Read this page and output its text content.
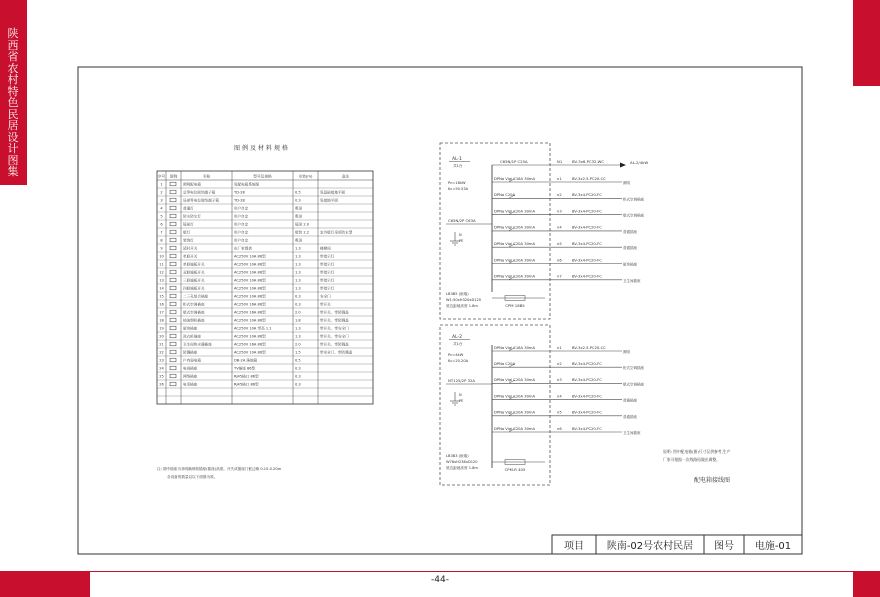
陕西省农村特色民居设计图集
-44-
图例及材料规格
序号 图例	名称	型号及规格	安装(m)	备注
1	照明配电箱	见配电箱系统图
2	总等电位联结端子箱	TD-28	0.5	见基础接地平面
3	局部等电位联结端子箱	TD-28	0.3	见接地平面
4	普通灯	用户自定	吸顶
5	防水防尘灯	用户自定	吸顶
6	镜前灯	用户自定	镜顶 2.0
7	壁灯	用户自定	壁装 2.2	室外壁灯采用防水型
8	装饰灯	用户自定	吸顶
9	延时开关	由厂家提供	1.3	楼梯间
10	单联开关	AC250V 10A 86型	1.3	带指示灯
11	单联翘板开关	AC250V 10A 86型	1.3	带指示灯
12	双联翘板开关	AC250V 10A 86型	1.3	带指示灯
13	三联翘板开关	AC250V 10A 86型	1.3	带指示灯
14	四联翘板开关	AC250V 10A 86型	1.3	带指示灯
15	二三孔组合插座	AC250V 10A 86型	0.3	安全门
16	柜式空调插座	AC250V 16A 86型	0.3	带开关
17	壁式空调插座	AC250V 16A 86型	2.0	带开关、带防溅盖
18	抽油烟机插座	AC250V 10A 86型	1.8	带开关、带防溅盖
19	厨房插座	AC250V 10A 带高 1.1	1.3	带开关、带安全门
20	洗衣机插座	AC250V 10A 86型	1.3	带开关、带安全门
21	卫生间热水器插座	AC250V 16A 86型	2.0	带开关、带防溅盖
22	防溅插座	AC250V 10A 86型	1.5	带安全门、带防溅盖
23	户内弱电箱	DB-2A 落地箱	0.5
24	电视插座	TV插座 86型	0.3
25	网络插座	RJ45插口 86型	0.3
26	电话插座	RJ45插口 86型	0.3
注: 图中插座为非明确规格插座(插座)高度。开关或插座门框边缘 0.15-0.20m
各设备的数量以以下面图为准。
AL-1
共1台
Pn=18kW
Kc=50.53A
C65N/1P C25A	N1	BV-3x6-PC32-WC	AL-2/4kW
DPNa Vigi C16A 30mA	n1	BV-3x2.5-PC20-CC
照明
DPNa C20A	n2	BV-3x4-PC20-FC
柜式空调插座
DPNa Vigi C20A 30mA	n3	BV-3x4-PC20-FC
壁式空调插座
DPNa Vigi C20A 30mA	n4	BV-3x4-PC20-FC
普通插座
DPNa Vigi C20A 30mA	n5	BV-3x4-PC20-FC
普通插座
DPNa Vigi C20A 30mA	n6	BV-3x4-PC20-FC
厨房插座
DPNa Vigi C20A 30mA	n7	BV-3x4-PC20-FC
卫生间插座
C65N/2P C63A
N
PE
LB3B5 (嵌墙)
W1:50xH320xD120
底边距地高度 1.8m	CPM 18B5
AL-2
共1台
Pn=4kW
Kc=20.20A
DPNa Vigi C16A 30mA	n1	BV-3x2.5-PC20-CC
照明
DPNa C20A	n2	BV-3x4-PC20-FC
柜式空调插座
DPNa Vigi C20A 30mA	n3	BV-3x4-PC20-FC
壁式空调插座
DPNa Vigi C20A 30mA	n4	BV-3x4-PC20-FC
普通插座
DPNa Vigi C20A 30mA	n5	BV-3x4-PC20-FC
普通插座
DPNa Vigi C20A 30mA	n6	BV-3x4-PC20-FC
卫生间插座
NT125/2P 32A
N
PE
LB3B3 (嵌墙)
W76xH238xD120
底边距地高度 1.8m	CPM-R 405
说明: 图中配电箱(嵌)尺寸仅供参考,生产
厂家可根据一次线路再做出调整。
配电箱接线图
项目 陕南-02号农村民居 图号 电施-01
